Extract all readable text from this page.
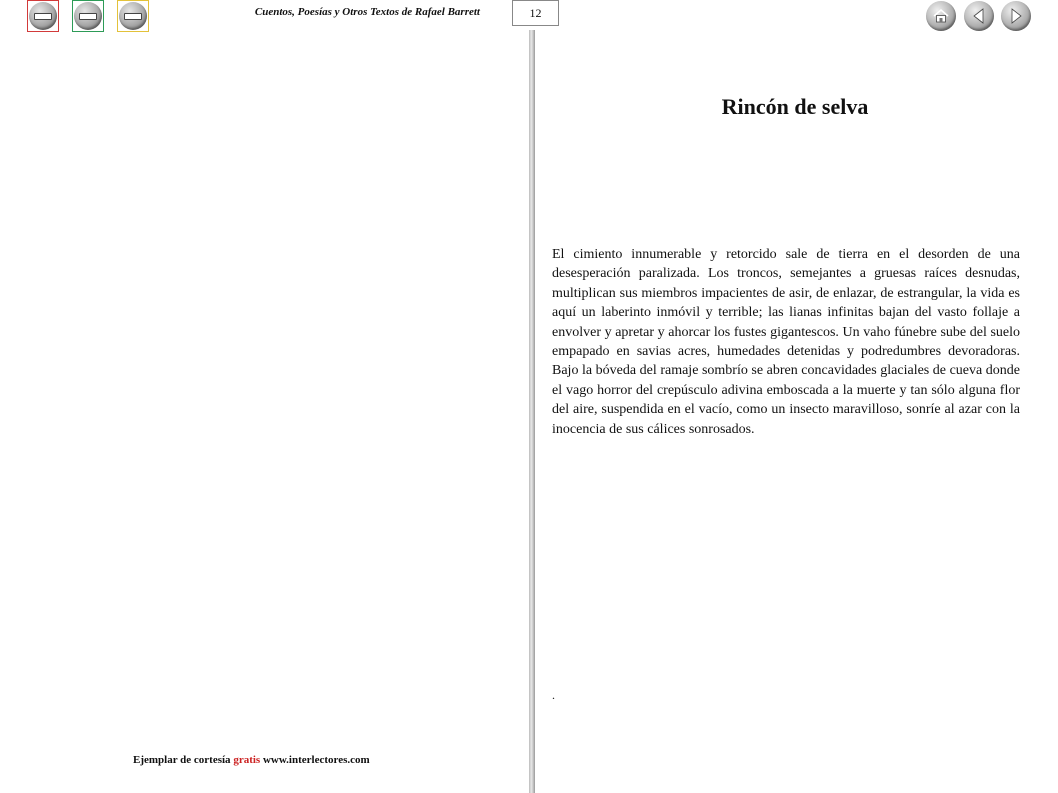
Cuentos, Poesías y Otros Textos de Rafael Barrett	12
Rincón de selva

El cimiento innumerable y retorcido sale de tierra en el desorden de una desesperación paralizada. Los troncos, semejantes a gruesas raíces desnudas, multiplican sus miembros impacientes de asir, de enlazar, de estrangular, la vida es aquí un laberinto inmóvil y terrible; las lianas infinitas bajan del vasto follaje a envolver y apretar y ahorcar los fustes gigantescos. Un vaho fúnebre sube del suelo empapado en savias acres, humedades detenidas y podredumbres devoradoras. Bajo la bóveda del ramaje sombrío se abren concavidades glaciales de cueva donde el vago horror del crepúsculo adivina emboscada a la muerte y tan sólo alguna flor del aire, suspendida en el vacío, como un insecto maravilloso, sonríe al azar con la inocencia de sus cálices sonrosados.

.
Ejemplar de cortesía gratis www.interlectores.com
